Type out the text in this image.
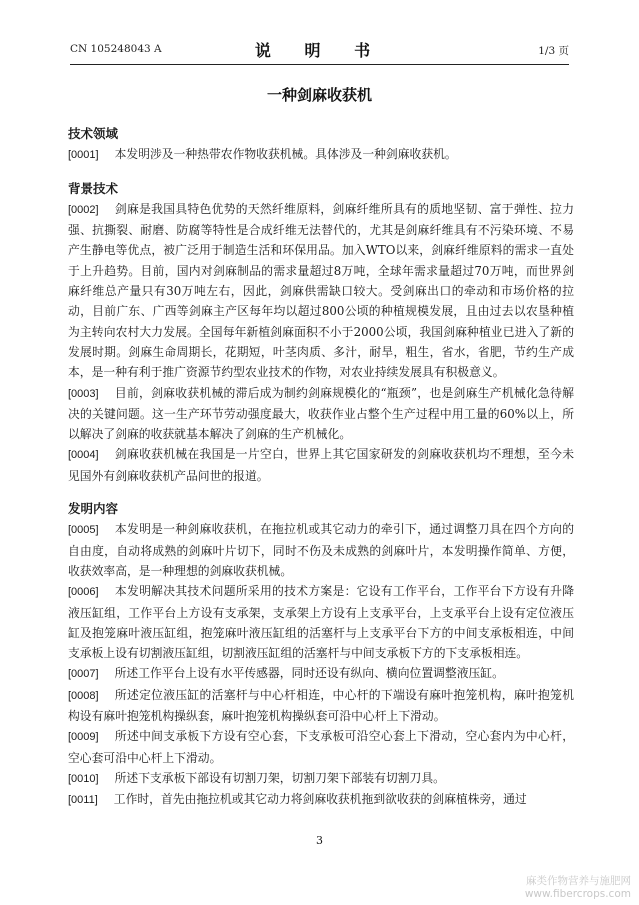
CN 105248043 A	说 明 书	1/3 页
一种剑麻收获机

技术领域

[0001] 本发明涉及一种热带农作物收获机械。具体涉及一种剑麻收获机。

背景技术

[0002] 剑麻是我国具特色优势的天然纤维原料，剑麻纤维所具有的质地坚韧、富于弹性、拉力强、抗撕裂、耐磨、防腐等特性是合成纤维无法替代的，尤其是剑麻纤维具有不污染环境、不易产生静电等优点，被广泛用于制造生活和环保用品。加入WTO以来，剑麻纤维原料的需求一直处于上升趋势。目前，国内对剑麻制品的需求量超过8万吨，全球年需求量超过70万吨，而世界剑麻纤维总产量只有30万吨左右，因此，剑麻供需缺口较大。受剑麻出口的牵动和市场价格的拉动，目前广东、广西等剑麻主产区每年均以超过800公顷的种植规模发展，且由过去以农垦种植为主转向农村大力发展。全国每年新植剑麻面积不小于2000公顷，我国剑麻种植业已进入了新的发展时期。剑麻生命周期长，花期短，叶茎肉质、多汁，耐旱，粗生，省水，省肥，节约生产成本，是一种有利于推广资源节约型农业技术的作物，对农业持续发展具有积极意义。

[0003] 目前，剑麻收获机械的滞后成为制约剑麻规模化的“瓶颈”，也是剑麻生产机械化急待解决的关键问题。这一生产环节劳动强度最大，收获作业占整个生产过程中用工量的60%以上，所以解决了剑麻的收获就基本解决了剑麻的生产机械化。

[0004] 剑麻收获机械在我国是一片空白，世界上其它国家研发的剑麻收获机均不理想，至今未见国外有剑麻收获机产品问世的报道。

发明内容

[0005] 本发明是一种剑麻收获机，在拖拉机或其它动力的牵引下，通过调整刀具在四个方向的自由度，自动将成熟的剑麻叶片切下，同时不伤及未成熟的剑麻叶片，本发明操作简单、方便，收获效率高，是一种理想的剑麻收获机械。

[0006] 本发明解决其技术问题所采用的技术方案是：它设有工作平台，工作平台下方设有升降液压缸组，工作平台上方设有支承架，支承架上方设有上支承平台，上支承平台上设有定位液压缸及抱笼麻叶液压缸组，抱笼麻叶液压缸组的活塞杆与上支承平台下方的中间支承板相连，中间支承板上设有切割液压缸组，切割液压缸组的活塞杆与中间支承板下方的下支承板相连。

[0007] 所述工作平台上设有水平传感器，同时还设有纵向、横向位置调整液压缸。

[0008] 所述定位液压缸的活塞杆与中心杆相连，中心杆的下端设有麻叶抱笼机构，麻叶抱笼机构设有麻叶抱笼机构操纵套，麻叶抱笼机构操纵套可沿中心杆上下滑动。

[0009] 所述中间支承板下方设有空心套，下支承板可沿空心套上下滑动，空心套内为中心杆，空心套可沿中心杆上下滑动。

[0010] 所述下支承板下部设有切割刀架，切割刀架下部装有切割刀具。

[0011] 工作时，首先由拖拉机或其它动力将剑麻收获机拖到欲收获的剑麻植株旁，通过

3
麻类作物营养与施肥网
www.fibercrops.com
